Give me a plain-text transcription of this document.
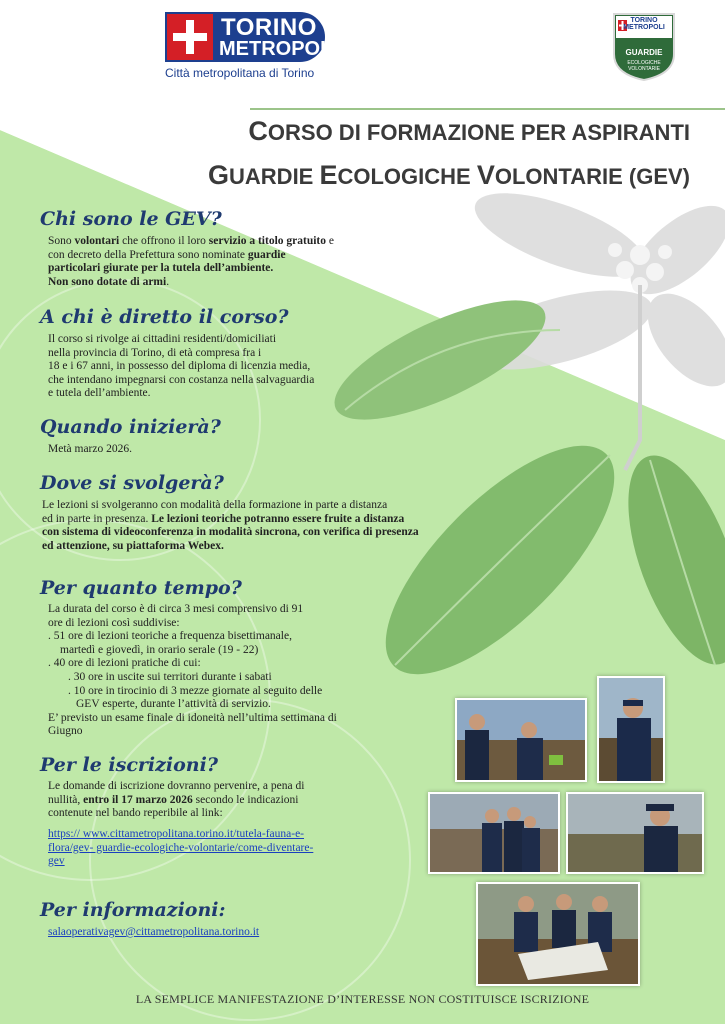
TORINO
METROPOLI
Città metropolitana di Torino
TORINO METROPOLI
GUARDIE
ECOLOGICHE VOLONTARIE
CORSO DI FORMAZIONE PER ASPIRANTI
GUARDIE ECOLOGICHE VOLONTARIE (GEV)
Chi sono le GEV?
Sono volontari che offrono il loro servizio a titolo gratuito e
con decreto della Prefettura sono nominate guardie
particolari giurate per la tutela dell’ambiente.
Non sono dotate di armi.
A chi è diretto il corso?
Il corso si rivolge ai cittadini residenti/domiciliati
nella provincia di Torino, di età compresa fra i
18 e i 67 anni, in possesso del diploma di licenzia media,
che intendano impegnarsi con costanza nella salvaguardia
e tutela dell’ambiente.
Quando inizierà?
Metà marzo 2026.
Dove si svolgerà?
Le lezioni si svolgeranno con modalità della formazione in parte a distanza
ed in parte in presenza. Le lezioni teoriche potranno essere fruite a distanza
con sistema di videoconferenza in modalità sincrona, con verifica di presenza
ed attenzione, su piattaforma Webex.
Per quanto tempo?
La durata del corso è di circa 3 mesi comprensivo di 91
ore di lezioni così suddivise:
. 51 ore di lezioni teoriche a frequenza bisettimanale,
martedì e giovedì, in orario serale (19 - 22)
. 40 ore di lezioni pratiche di cui:
. 30 ore in uscite sui territori durante i sabati
. 10 ore in tirocinio di 3 mezze giornate al seguito delle
GEV esperte, durante l’attività di servizio.
E’ previsto un esame finale di idoneità nell’ultima settimana di
Giugno
Per le iscrizioni?
Le domande di iscrizione dovranno pervenire, a pena di
nullità, entro il 17 marzo 2026 secondo le indicazioni
contenute nel bando reperibile al link:
https:// www.cittametropolitana.torino.it/tutela-fauna-e-
flora/gev- guardie-ecologiche-volontarie/come-diventare-
gev
Per informazioni:
salaoperativagev@cittametropolitana.torino.it
LA SEMPLICE MANIFESTAZIONE D’INTERESSE NON COSTITUISCE ISCRIZIONE
